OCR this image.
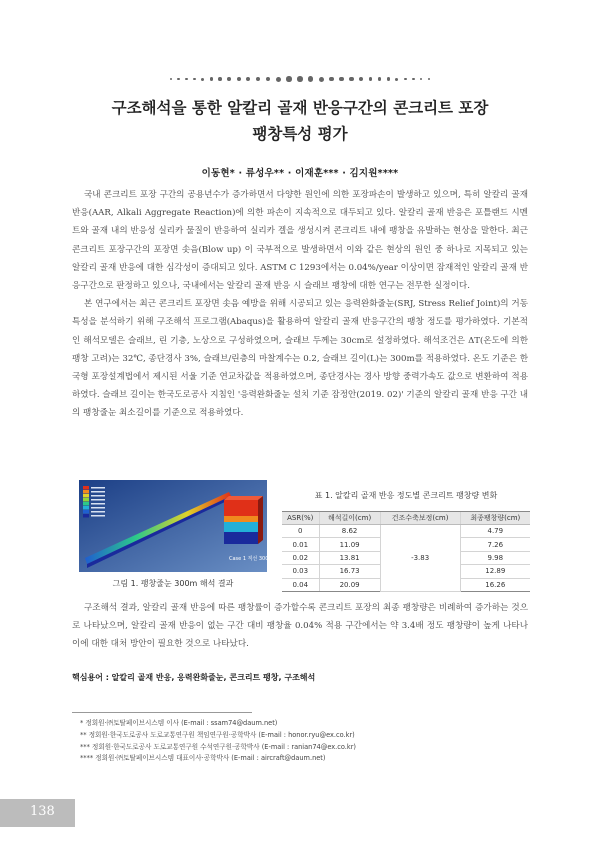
구조해석을 통한 알칼리 골재 반응구간의 콘크리트 포장
팽창특성 평가
이동현* · 류성우** · 이재훈*** · 김지원****

국내 콘크리트 포장 구간의 공용년수가 증가하면서 다양한 원인에 의한 포장파손이 발생하고 있으며, 특히 알칼리 골재 반응(AAR, Alkali Aggregate Reaction)에 의한 파손이 지속적으로 대두되고 있다. 알칼리 골재 반응은 포틀랜드 시멘트와 골재 내의 반응성 실리카 물질이 반응하여 실리카 겔을 생성시켜 콘크리트 내에 팽창을 유발하는 현상을 말한다. 최근 콘크리트 포장구간의 포장면 솟음(Blow up) 이 국부적으로 발생하면서 이와 같은 현상의 원인 중 하나로 지목되고 있는 알칼리 골재 반응에 대한 심각성이 증대되고 있다. ASTM C 1293에서는 0.04%/year 이상이면 잠재적인 알칼리 골재 반응구간으로 판정하고 있으나, 국내에서는 알칼리 골재 반응 시 슬래브 팽창에 대한 연구는 전무한 실정이다.

본 연구에서는 최근 콘크리트 포장면 솟음 예방을 위해 시공되고 있는 응력완화줄눈(SRJ, Stress Relief Joint)의 거동특성을 분석하기 위해 구조해석 프로그램(Abaqus)을 활용하여 알칼리 골재 반응구간의 팽창 정도를 평가하였다. 기본적인 해석모델은 슬래브, 린 기층, 노상으로 구성하였으며, 슬래브 두께는 30cm로 설정하였다. 해석조건은 ΔT(온도에 의한 팽창 고려)는 32℃, 종단경사 3%, 슬래브/린층의 마찰계수는 0.2, 슬래브 길이(L)는 300m를 적용하였다. 온도 기준은 한국형 포장설계법에서 제시된 서울 기준 연교차값을 적용하였으며, 종단경사는 경사 방향 중력가속도 값으로 변환하여 적용하였다. 슬래브 길이는 한국도로공사 지침인 '응력완화줄눈 설치 기준 잠정안(2019. 02)' 기준의 알칼리 골재 반응 구간 내의 팽창줄눈 최소길이를 기준으로 적용하였다.

Case 1 직선 300m
그림 1. 팽창줄눈 300m 해석 결과
표 1. 알칼리 골재 반응 정도별 콘크리트 팽창량 변화
ASR(%)	해석길이(cm)	건조수축보정(cm)	최종팽창량(cm)
0	8.62	-3.83	4.79
0.01	11.09		7.26
0.02	13.81		9.98
0.03	16.73		12.89
0.04	20.09		16.26

구조해석 결과, 알칼리 골재 반응에 따른 팽창률이 증가할수록 콘크리트 포장의 최종 팽창량은 비례하여 증가하는 것으로 나타났으며, 알칼리 골재 반응이 없는 구간 대비 팽창율 0.04% 적용 구간에서는 약 3.4배 정도 팽창량이 높게 나타나 이에 대한 대처 방안이 필요한 것으로 나타났다.

핵심용어 : 알칼리 골재 반응, 응력완화줄눈, 콘크리트 팽창, 구조해석
* 정회원·㈜토탈페이브시스템 이사 (E-mail : ssam74@daum.net)
** 정회원·한국도로공사 도로교통연구원 책임연구원·공학박사 (E-mail : honor.ryu@ex.co.kr)
*** 정회원·한국도로공사 도로교통연구원 수석연구원·공학박사 (E-mail : ranian74@ex.co.kr)
**** 정회원·㈜토탈페이브시스템 대표이사·공학박사 (E-mail : aircraft@daum.net)
138
